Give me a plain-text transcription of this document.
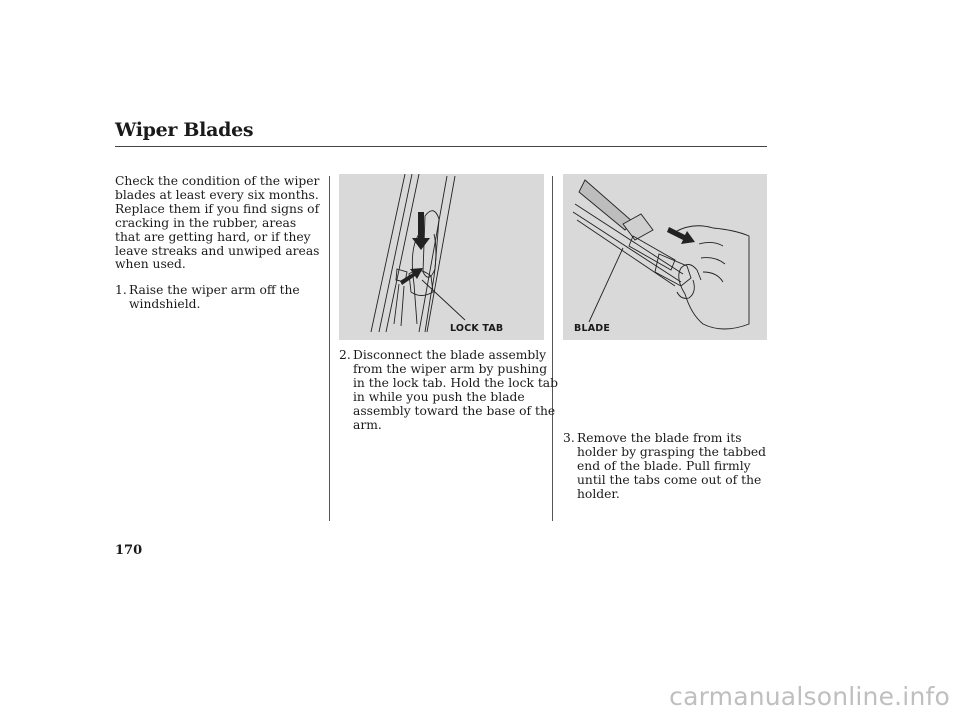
Wiper Blades

Check the condition of the wiper blades at least every six months. Replace them if you find signs of cracking in the rubber, areas that are getting hard, or if they leave streaks and unwiped areas when used.

1. Raise the wiper arm off the windshield.
LOCK TAB	BLADE
2. Disconnect the blade assembly from the wiper arm by pushing in the lock tab. Hold the lock tab in while you push the blade assembly toward the base of the arm.
3. Remove the blade from its holder by grasping the tabbed end of the blade. Pull firmly until the tabs come out of the holder.
170
carmanualsonline.info
